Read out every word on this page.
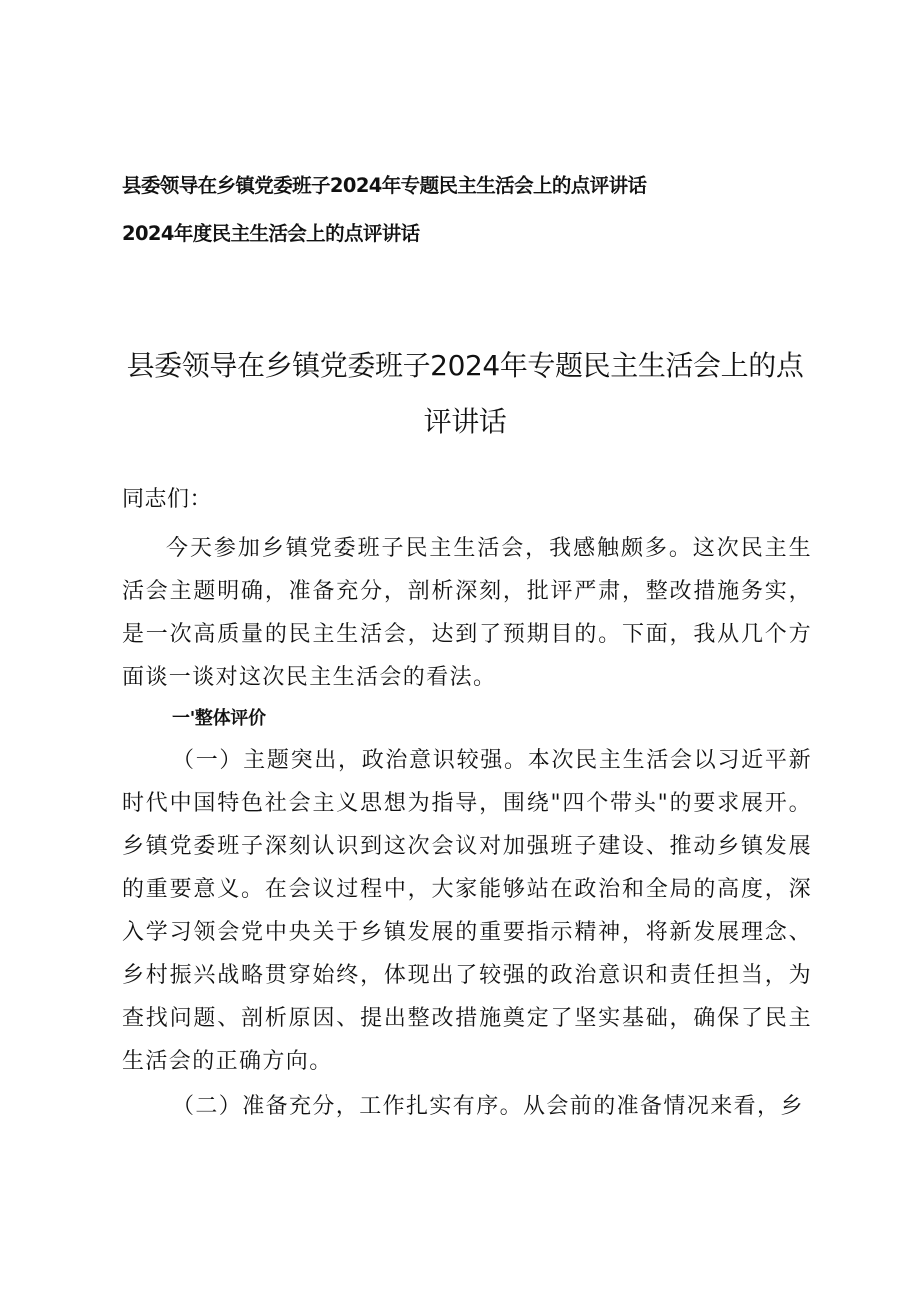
县委领导在乡镇党委班子2024年专题民主生活会上的点评讲话
2024年度民主生活会上的点评讲话
县委领导在乡镇党委班子2024年专题民主生活会上的点评讲话

同志们：

今天参加乡镇党委班子民主生活会，我感触颇多。这次民主生活会主题明确，准备充分，剖析深刻，批评严肃，整改措施务实，是一次高质量的民主生活会，达到了预期目的。下面，我从几个方面谈一谈对这次民主生活会的看法。

一'整体评价

（一）主题突出，政治意识较强。本次民主生活会以习近平新时代中国特色社会主义思想为指导，围绕"四个带头"的要求展开。乡镇党委班子深刻认识到这次会议对加强班子建设、推动乡镇发展的重要意义。在会议过程中，大家能够站在政治和全局的高度，深入学习领会党中央关于乡镇发展的重要指示精神，将新发展理念、乡村振兴战略贯穿始终，体现出了较强的政治意识和责任担当，为查找问题、剖析原因、提出整改措施奠定了坚实基础，确保了民主生活会的正确方向。

（二）准备充分，工作扎实有序。从会前的准备情况来看，乡
